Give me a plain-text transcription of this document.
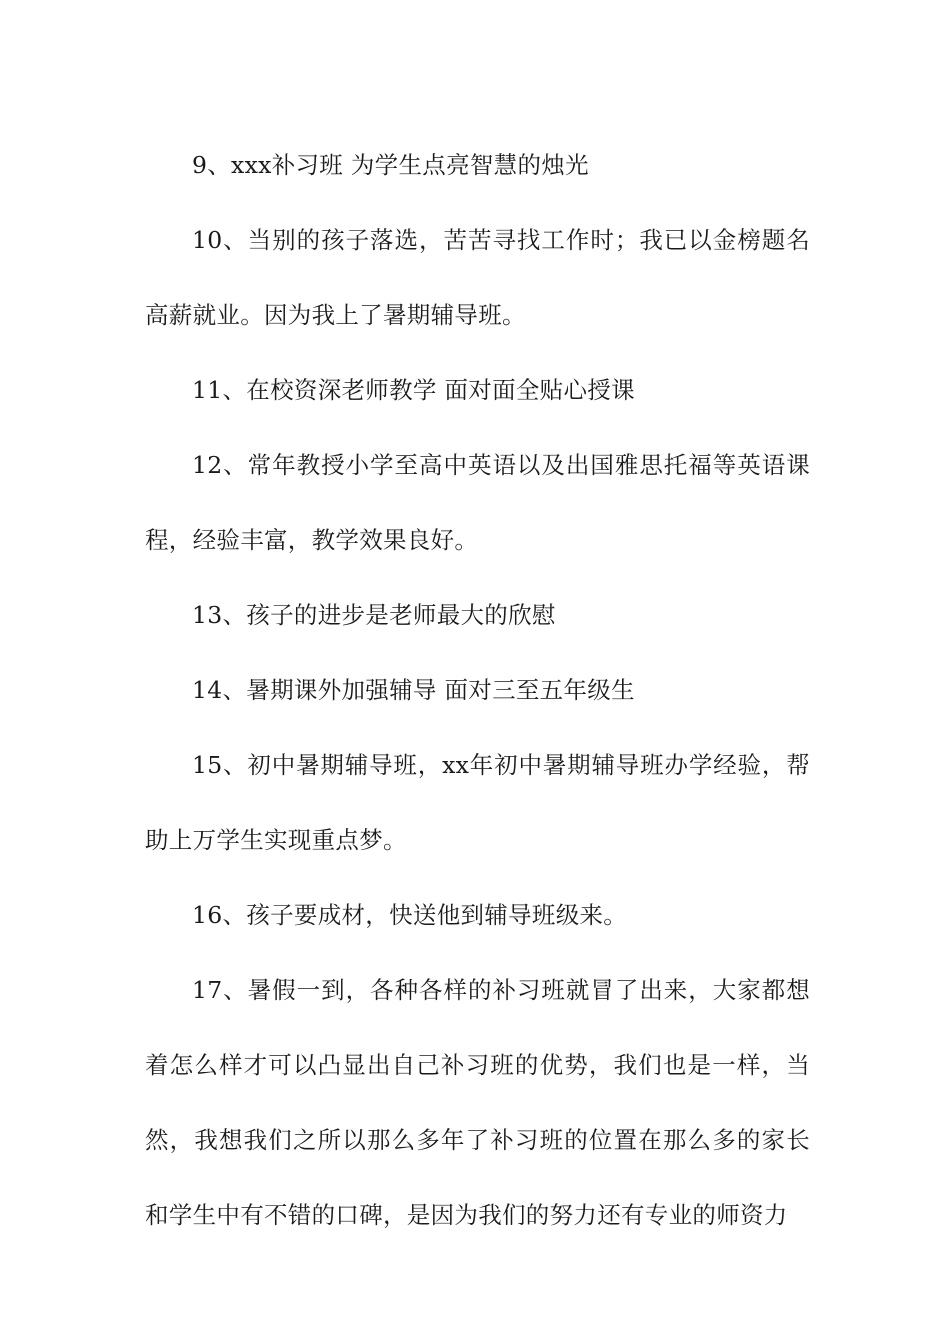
9、xxx补习班 为学生点亮智慧的烛光

10、当别的孩子落选，苦苦寻找工作时；我已以金榜题名高薪就业。因为我上了暑期辅导班。

11、在校资深老师教学 面对面全贴心授课

12、常年教授小学至高中英语以及出国雅思托福等英语课程，经验丰富，教学效果良好。

13、孩子的进步是老师最大的欣慰

14、暑期课外加强辅导 面对三至五年级生

15、初中暑期辅导班，xx年初中暑期辅导班办学经验，帮助上万学生实现重点梦。

16、孩子要成材，快送他到辅导班级来。

17、暑假一到，各种各样的补习班就冒了出来，大家都想着怎么样才可以凸显出自己补习班的优势，我们也是一样，当然，我想我们之所以那么多年了补习班的位置在那么多的家长和学生中有不错的口碑，是因为我们的努力还有专业的师资力
